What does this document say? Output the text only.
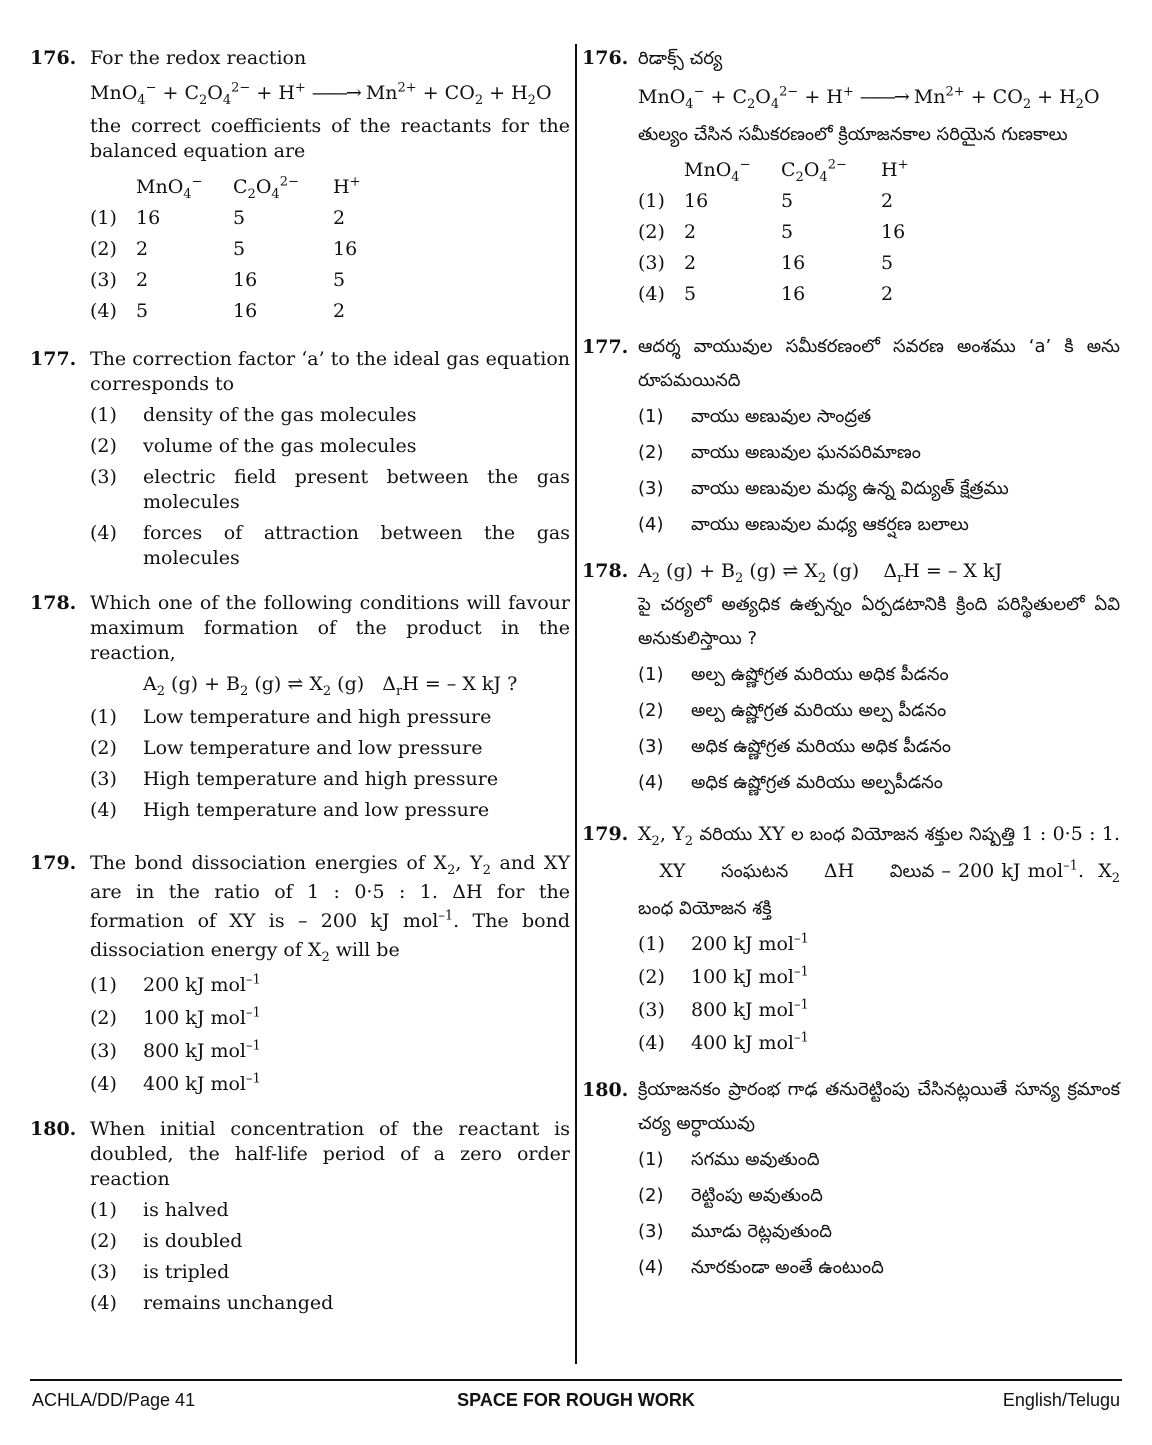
176. For the redox reaction
$MnO_4^- + C_2O_4^{2-} + H^+$ ——→ $Mn^{2+} + CO_2 + H_2O$
the correct coefficients of the reactants for the balanced equation are
	MnO$_4$−	$C_2O_4^{2-}$	H+
(1)	16	5	2
(2)	2	5	16
(3)	2	16	5
(4)	5	16	2
177. The correction factor ‘a’ to the ideal gas equation corresponds to
(1) density of the gas molecules
(2) volume of the gas molecules
(3) electric field present between the gas molecules
(4) forces of attraction between the gas molecules
178. Which one of the following conditions will favour maximum formation of the product in the reaction,
$A_2$ $(g) + B_2$ (g) ⇌ $X_2$ (g)   $\Delta_rH$ = – X kJ ?
(1) Low temperature and high pressure
(2) Low temperature and low pressure
(3) High temperature and high pressure
(4) High temperature and low pressure
179. The bond dissociation energies of $X_2$, $Y_2$ and XY are in the ratio of 1 : 0·5 : 1. ΔH for the formation of XY is – 200 kJ mol$^{-1}$. The bond dissociation energy of $X_2$ will be
(1) 200 kJ mol$^{-1}$
(2) 100 kJ mol$^{-1}$
(3) 800 kJ mol$^{-1}$
(4) 400 kJ mol$^{-1}$
180. When initial concentration of the reactant is doubled, the half-life period of a zero order reaction
(1) is halved
(2) is doubled
(3) is tripled
(4) remains unchanged
176. రిడాక్స్ చర్య
$MnO_4^- + C_2O_4^{2-} + H^+$ ——→ $Mn^{2+} + CO_2 + H_2O$
తుల్యం చేసిన సమీకరణంలో క్రియాజనకాల సరియైన గుణకాలు
	MnO$_4$−	$C_2O_4^{2-}$	H+
(1)	16	5	2
(2)	2	5	16
(3)	2	16	5
(4)	5	16	2
177. ఆదర్శ వాయువుల సమీకరణంలో సవరణ అంశము ‘a’ కి అను రూపమయినది
(1) వాయు అణువుల సాంద్రత
(2) వాయు అణువుల ఘనపరిమాణం
(3) వాయు అణువుల మధ్య ఉన్న విద్యుత్ క్షేత్రము
(4) వాయు అణువుల మధ్య ఆకర్షణ బలాలు
178. $A_2$ $(g) + B_2$ (g) ⇌ $X_2$ (g)    $\Delta_rH$ = – X kJ
పై చర్యలో అత్యధిక ఉత్పన్నం ఏర్పడటానికి క్రింది పరిస్థితులలో ఏవి అనుకులిస్తాయి ?
(1) అల్ప ఉష్ణోగ్రత మరియు అధిక పీడనం
(2) అల్ప ఉష్ణోగ్రత మరియు అల్ప పీడనం
(3) అధిక ఉష్ణోగ్రత మరియు అధిక పీడనం
(4) అధిక ఉష్ణోగ్రత మరియు అల్పపీడనం
179. $X_2$, $Y_2$ వరియు XY ల బంధ వియోజన శక్తుల నిష్పత్తి 1 : 0·5 : 1.    XY     సంఘటన     ΔH     విలువ – 200 kJ mol$^{-1}$.  $X_2$ బంధ వియోజన శక్తి
(1) 200 kJ mol$^{-1}$
(2) 100 kJ mol$^{-1}$
(3) 800 kJ mol$^{-1}$
(4) 400 kJ mol$^{-1}$
180. క్రియాజనకం ప్రారంభ గాఢ తనురెట్టింపు చేసినట్లయితే సూన్య క్రమాంక చర్య అర్ధాయువు
(1) సగము అవుతుంది
(2) రెట్టింపు అవుతుంది
(3) మూడు రెట్లవుతుంది
(4) నూరకుండా అంతే ఉంటుంది
ACHLA/DD/Page 41	SPACE FOR ROUGH WORK	English/Telugu
